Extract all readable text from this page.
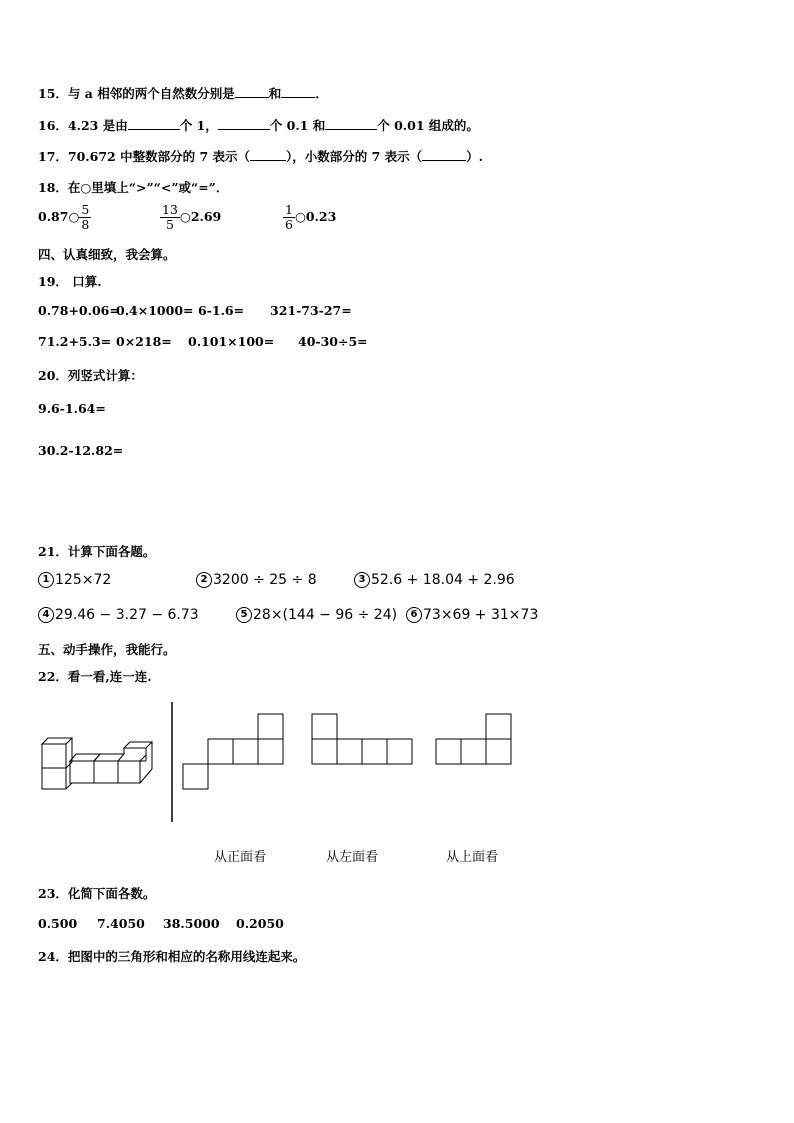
15．与 a 相邻的两个自然数分别是	和	．
16．4.23 是由	个 1，	个 0.1 和	个 0.01 组成的。
17．70.672 中整数部分的 7 表示（	），小数部分的 7 表示（	）.
18．在○里填上“>”“<”或“=”．
0.87○ $\frac{5}{8}$	$\frac{13}{5}$ ○2.69	$\frac{1}{6}$ ○0.23
四、认真细致，我会算。
19． 口算.
0.78+0.06=
0.4×1000= 6-1.6= 321-73-27=
71.2+5.3= 0×218= 0.101×100= 40-30÷5=
20．列竖式计算：
9.6-1.64=
30.2-12.82=
21．计算下面各题。
1 125×72	2 3200 ÷ 25 ÷ 8	3 52.6 + 18.04 + 2.96
4 29.46 − 3.27 − 6.73	5 28×(144 − 96 ÷ 24)	6 73×69 + 31×73
五、动手操作，我能行。
22．看一看,连一连.
从正面看	从左面看	从上面看
23．化简下面各数。
0.500 7.4050 38.5000 0.2050
24．把图中的三角形和相应的名称用线连起来。
